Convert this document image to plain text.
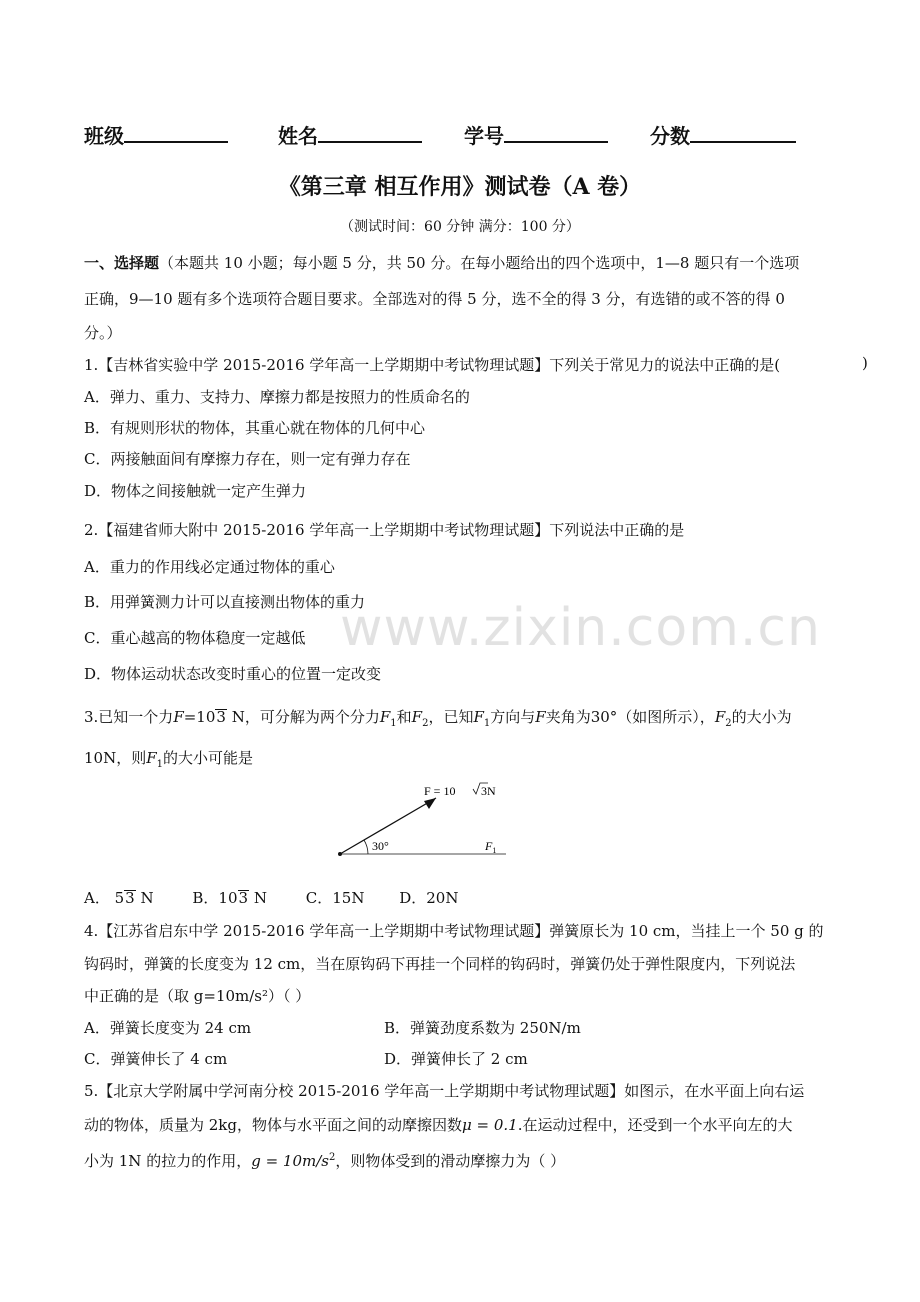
班级	姓名	学号	分数
《第三章 相互作用》测试卷（A 卷）
（测试时间：60 分钟 满分：100 分）
一、选择题（本题共 10 小题；每小题 5 分，共 50 分。在每小题给出的四个选项中，1—8 题只有一个选项
正确，9—10 题有多个选项符合题目要求。全部选对的得 5 分，选不全的得 3 分，有选错的或不答的得 0
分。）
1.【吉林省实验中学 2015-2016 学年高一上学期期中考试物理试题】下列关于常见力的说法中正确的是(	)
A．弹力、重力、支持力、摩擦力都是按照力的性质命名的
B．有规则形状的物体，其重心就在物体的几何中心
C．两接触面间有摩擦力存在，则一定有弹力存在
D．物体之间接触就一定产生弹力
2.【福建省师大附中 2015-2016 学年高一上学期期中考试物理试题】下列说法中正确的是
A．重力的作用线必定通过物体的重心
B．用弹簧测力计可以直接测出物体的重力
C．重心越高的物体稳度一定越低
D．物体运动状态改变时重心的位置一定改变
www.zixin.com.cn
3.已知一个力F=103 N，可分解为两个分力$F_1$和$F_2$，已知$F_1$方向与F夹角为30°（如图所示），$F_2$的大小为
10N，则$F_1$的大小可能是
30°	$F_1$
F = 10 3N
A． 53 N	B．103 N	C．15N D．20N
4.【江苏省启东中学 2015-2016 学年高一上学期期中考试物理试题】弹簧原长为 10 cm，当挂上一个 50 g 的
钩码时，弹簧的长度变为 12 cm，当在原钩码下再挂一个同样的钩码时，弹簧仍处于弹性限度内，下列说法
中正确的是（取 g=10m/s²）（ ）
A．弹簧长度变为 24 cm	B．弹簧劲度系数为 250N/m
C．弹簧伸长了 4 cm	D．弹簧伸长了 2 cm
5.【北京大学附属中学河南分校 2015-2016 学年高一上学期期中考试物理试题】如图示，在水平面上向右运
动的物体，质量为 2kg，物体与水平面之间的动摩擦因数μ = 0.1.在运动过程中，还受到一个水平向左的大
小为 1N 的拉力的作用，$g = 10m/s^2$，则物体受到的滑动摩擦力为（ ）
